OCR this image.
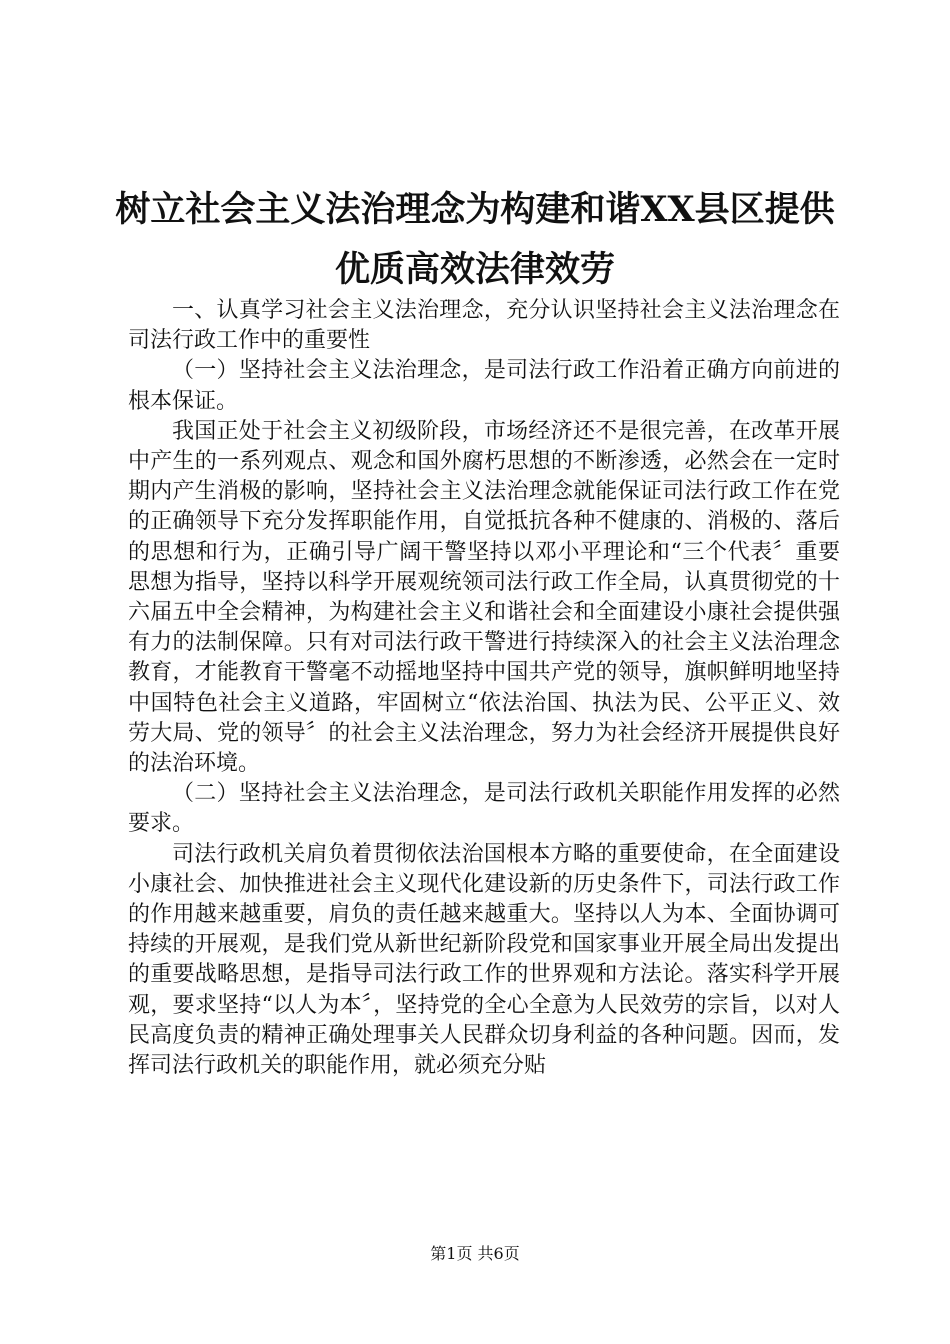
树立社会主义法治理念为构建和谐XX县区提供优质高效法律效劳

一、认真学习社会主义法治理念，充分认识坚持社会主义法治理念在司法行政工作中的重要性

（一）坚持社会主义法治理念，是司法行政工作沿着正确方向前进的根本保证。

我国正处于社会主义初级阶段，市场经济还不是很完善，在改革开展中产生的一系列观点、观念和国外腐朽思想的不断渗透，必然会在一定时期内产生消极的影响，坚持社会主义法治理念就能保证司法行政工作在党的正确领导下充分发挥职能作用，自觉抵抗各种不健康的、消极的、落后的思想和行为，正确引导广阔干警坚持以邓小平理论和“三个代表〞重要思想为指导，坚持以科学开展观统领司法行政工作全局，认真贯彻党的十六届五中全会精神，为构建社会主义和谐社会和全面建设小康社会提供强有力的法制保障。只有对司法行政干警进行持续深入的社会主义法治理念教育，才能教育干警毫不动摇地坚持中国共产党的领导，旗帜鲜明地坚持中国特色社会主义道路，牢固树立“依法治国、执法为民、公平正义、效劳大局、党的领导〞的社会主义法治理念，努力为社会经济开展提供良好的法治环境。

（二）坚持社会主义法治理念，是司法行政机关职能作用发挥的必然要求。

司法行政机关肩负着贯彻依法治国根本方略的重要使命，在全面建设小康社会、加快推进社会主义现代化建设新的历史条件下，司法行政工作的作用越来越重要，肩负的责任越来越重大。坚持以人为本、全面协调可持续的开展观，是我们党从新世纪新阶段党和国家事业开展全局出发提出的重要战略思想，是指导司法行政工作的世界观和方法论。落实科学开展观，要求坚持“以人为本〞，坚持党的全心全意为人民效劳的宗旨，以对人民高度负责的精神正确处理事关人民群众切身利益的各种问题。因而，发挥司法行政机关的职能作用，就必须充分贴

第1页 共6页
